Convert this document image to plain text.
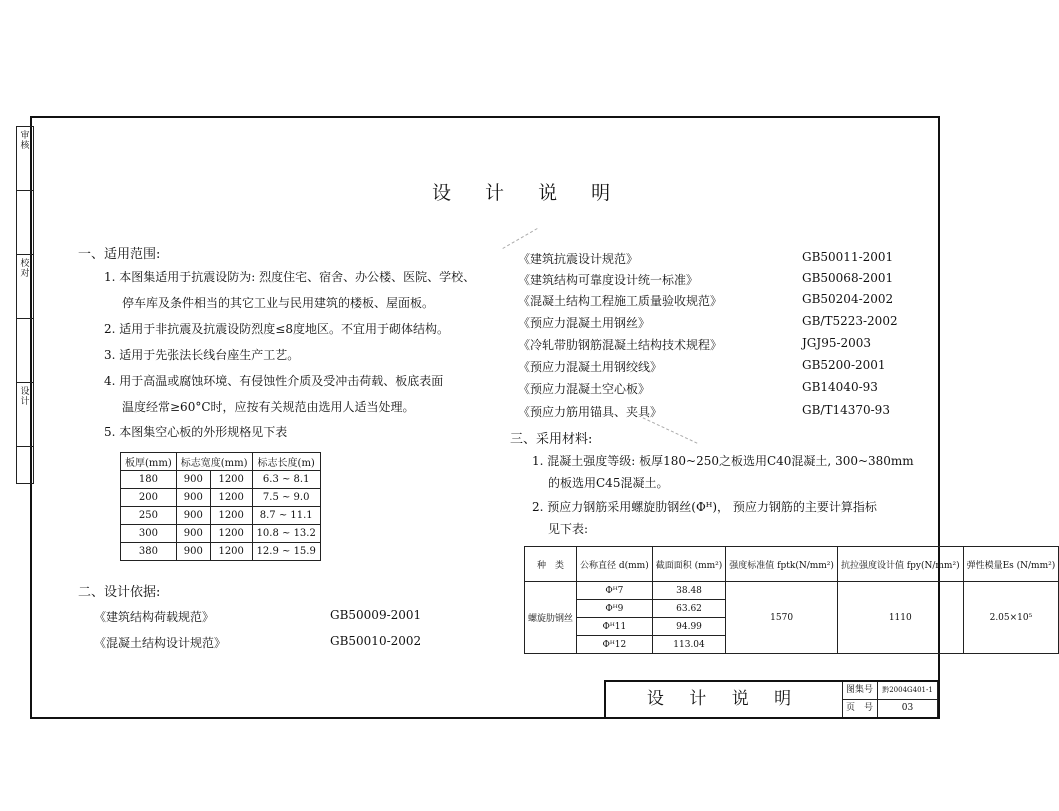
审核
校对
设计
设 计 说 明
一、适用范围:
1. 本图集适用于抗震设防为: 烈度住宅、宿舍、办公楼、医院、学校、
停车库及条件相当的其它工业与民用建筑的楼板、屋面板。
2. 适用于非抗震及抗震设防烈度≤8度地区。不宜用于砌体结构。
3. 适用于先张法长线台座生产工艺。
4. 用于高温或腐蚀环境、有侵蚀性介质及受冲击荷载、板底表面
温度经常≥60°C时，应按有关规范由选用人适当处理。
5. 本图集空心板的外形规格见下表
板厚(mm)	标志宽度(mm)		标志长度(m)
180	900	1200	6.3 ~ 8.1
200	900	1200	7.5 ~ 9.0
250	900	1200	8.7 ~ 11.1
300	900	1200	10.8 ~ 13.2
380	900	1200	12.9 ~ 15.9
二、设计依据:
《建筑结构荷载规范》	GB50009-2001
《混凝土结构设计规范》	GB50010-2002
《建筑抗震设计规范》	GB50011-2001
《建筑结构可靠度设计统一标准》	GB50068-2001
《混凝土结构工程施工质量验收规范》	GB50204-2002
《预应力混凝土用钢丝》	GB/T5223-2002
《冷轧带肋钢筋混凝土结构技术规程》	JGJ95-2003
《预应力混凝土用钢绞线》	GB5200-2001
《预应力混凝土空心板》	GB14040-93
《预应力筋用锚具、夹具》	GB/T14370-93
三、采用材料:
1. 混凝土强度等级: 板厚180~250之板选用C40混凝土, 300~380mm
的板选用C45混凝土。
2. 预应力钢筋采用螺旋肋钢丝(Φᴴ)， 预应力钢筋的主要计算指标
见下表:
种　类	公称直径 d(mm)	截面面积 (mm²)	强度标准值 fptk(N/mm²)	抗拉强度设计值 fpy(N/mm²)	弹性模量Es (N/mm²)
螺旋肋钢丝	Φᴴ7	38.48	1570	1110	2.05×10⁵
	Φᴴ9	63.62			
	Φᴴ11	94.99			
	Φᴴ12	113.04			
设 计 说 明	图集号	黔2004G401-1
页　号	03
